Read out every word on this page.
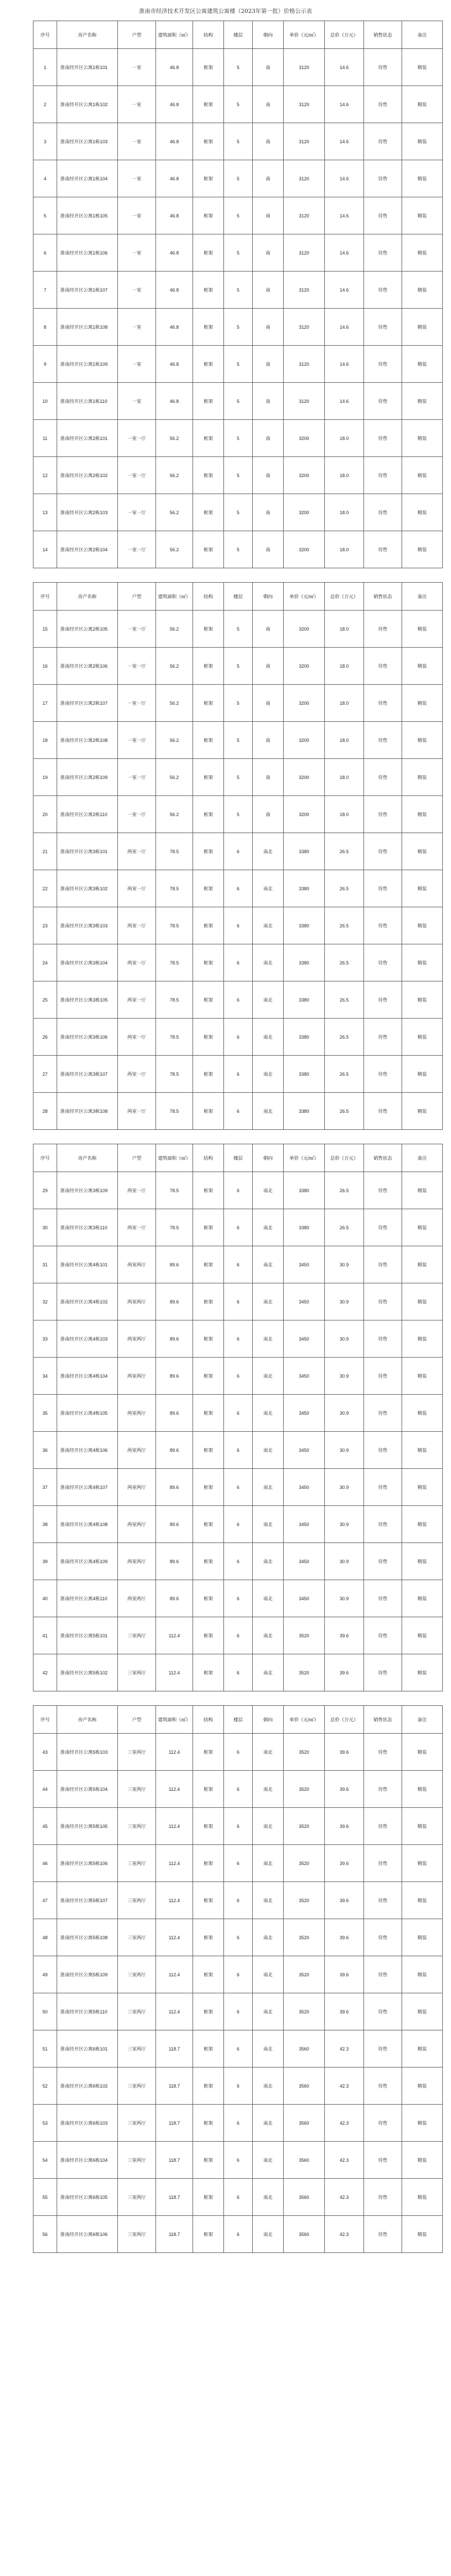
淮南市经济技术开发区公寓建筑公寓楼（2023年第一批）价格公示表
序号	房产名称	户型	建筑面积（㎡）	结构	楼层	朝向	单价（元/㎡）	总价（万元）	销售状态	备注
1	淮南经开区公寓1栋101	一室	46.8	框架	5	南	3120	14.6	待售	精装
2	淮南经开区公寓1栋102	一室	46.8	框架	5	南	3120	14.6	待售	精装
3	淮南经开区公寓1栋103	一室	46.8	框架	5	南	3120	14.6	待售	精装
4	淮南经开区公寓1栋104	一室	46.8	框架	5	南	3120	14.6	待售	精装
5	淮南经开区公寓1栋105	一室	46.8	框架	5	南	3120	14.6	待售	精装
6	淮南经开区公寓1栋106	一室	46.8	框架	5	南	3120	14.6	待售	精装
7	淮南经开区公寓1栋107	一室	46.8	框架	5	南	3120	14.6	待售	精装
8	淮南经开区公寓1栋108	一室	46.8	框架	5	南	3120	14.6	待售	精装
9	淮南经开区公寓1栋109	一室	46.8	框架	5	南	3120	14.6	待售	精装
10	淮南经开区公寓1栋110	一室	46.8	框架	5	南	3120	14.6	待售	精装
11	淮南经开区公寓2栋101	一室一厅	56.2	框架	5	南	3200	18.0	待售	精装
12	淮南经开区公寓2栋102	一室一厅	56.2	框架	5	南	3200	18.0	待售	精装
13	淮南经开区公寓2栋103	一室一厅	56.2	框架	5	南	3200	18.0	待售	精装
14	淮南经开区公寓2栋104	一室一厅	56.2	框架	5	南	3200	18.0	待售	精装
序号	房产名称	户型	建筑面积（㎡）	结构	楼层	朝向	单价（元/㎡）	总价（万元）	销售状态	备注
15	淮南经开区公寓2栋105	一室一厅	56.2	框架	5	南	3200	18.0	待售	精装
16	淮南经开区公寓2栋106	一室一厅	56.2	框架	5	南	3200	18.0	待售	精装
17	淮南经开区公寓2栋107	一室一厅	56.2	框架	5	南	3200	18.0	待售	精装
18	淮南经开区公寓2栋108	一室一厅	56.2	框架	5	南	3200	18.0	待售	精装
19	淮南经开区公寓2栋109	一室一厅	56.2	框架	5	南	3200	18.0	待售	精装
20	淮南经开区公寓2栋110	一室一厅	56.2	框架	5	南	3200	18.0	待售	精装
21	淮南经开区公寓3栋101	两室一厅	78.5	框架	6	南北	3380	26.5	待售	精装
22	淮南经开区公寓3栋102	两室一厅	78.5	框架	6	南北	3380	26.5	待售	精装
23	淮南经开区公寓3栋103	两室一厅	78.5	框架	6	南北	3380	26.5	待售	精装
24	淮南经开区公寓3栋104	两室一厅	78.5	框架	6	南北	3380	26.5	待售	精装
25	淮南经开区公寓3栋105	两室一厅	78.5	框架	6	南北	3380	26.5	待售	精装
26	淮南经开区公寓3栋106	两室一厅	78.5	框架	6	南北	3380	26.5	待售	精装
27	淮南经开区公寓3栋107	两室一厅	78.5	框架	6	南北	3380	26.5	待售	精装
28	淮南经开区公寓3栋108	两室一厅	78.5	框架	6	南北	3380	26.5	待售	精装
序号	房产名称	户型	建筑面积（㎡）	结构	楼层	朝向	单价（元/㎡）	总价（万元）	销售状态	备注
29	淮南经开区公寓3栋109	两室一厅	78.5	框架	6	南北	3380	26.5	待售	精装
30	淮南经开区公寓3栋110	两室一厅	78.5	框架	6	南北	3380	26.5	待售	精装
31	淮南经开区公寓4栋101	两室两厅	89.6	框架	6	南北	3450	30.9	待售	精装
32	淮南经开区公寓4栋102	两室两厅	89.6	框架	6	南北	3450	30.9	待售	精装
33	淮南经开区公寓4栋103	两室两厅	89.6	框架	6	南北	3450	30.9	待售	精装
34	淮南经开区公寓4栋104	两室两厅	89.6	框架	6	南北	3450	30.9	待售	精装
35	淮南经开区公寓4栋105	两室两厅	89.6	框架	6	南北	3450	30.9	待售	精装
36	淮南经开区公寓4栋106	两室两厅	89.6	框架	6	南北	3450	30.9	待售	精装
37	淮南经开区公寓4栋107	两室两厅	89.6	框架	6	南北	3450	30.9	待售	精装
38	淮南经开区公寓4栋108	两室两厅	89.6	框架	6	南北	3450	30.9	待售	精装
39	淮南经开区公寓4栋109	两室两厅	89.6	框架	6	南北	3450	30.9	待售	精装
40	淮南经开区公寓4栋110	两室两厅	89.6	框架	6	南北	3450	30.9	待售	精装
41	淮南经开区公寓5栋101	三室两厅	112.4	框架	6	南北	3520	39.6	待售	精装
42	淮南经开区公寓5栋102	三室两厅	112.4	框架	6	南北	3520	39.6	待售	精装
序号	房产名称	户型	建筑面积（㎡）	结构	楼层	朝向	单价（元/㎡）	总价（万元）	销售状态	备注
43	淮南经开区公寓5栋103	三室两厅	112.4	框架	6	南北	3520	39.6	待售	精装
44	淮南经开区公寓5栋104	三室两厅	112.4	框架	6	南北	3520	39.6	待售	精装
45	淮南经开区公寓5栋105	三室两厅	112.4	框架	6	南北	3520	39.6	待售	精装
46	淮南经开区公寓5栋106	三室两厅	112.4	框架	6	南北	3520	39.6	待售	精装
47	淮南经开区公寓5栋107	三室两厅	112.4	框架	6	南北	3520	39.6	待售	精装
48	淮南经开区公寓5栋108	三室两厅	112.4	框架	6	南北	3520	39.6	待售	精装
49	淮南经开区公寓5栋109	三室两厅	112.4	框架	6	南北	3520	39.6	待售	精装
50	淮南经开区公寓5栋110	三室两厅	112.4	框架	6	南北	3520	39.6	待售	精装
51	淮南经开区公寓6栋101	三室两厅	118.7	框架	6	南北	3560	42.3	待售	精装
52	淮南经开区公寓6栋102	三室两厅	118.7	框架	6	南北	3560	42.3	待售	精装
53	淮南经开区公寓6栋103	三室两厅	118.7	框架	6	南北	3560	42.3	待售	精装
54	淮南经开区公寓6栋104	三室两厅	118.7	框架	6	南北	3560	42.3	待售	精装
55	淮南经开区公寓6栋105	三室两厅	118.7	框架	6	南北	3560	42.3	待售	精装
56	淮南经开区公寓6栋106	三室两厅	118.7	框架	6	南北	3560	42.3	待售	精装
